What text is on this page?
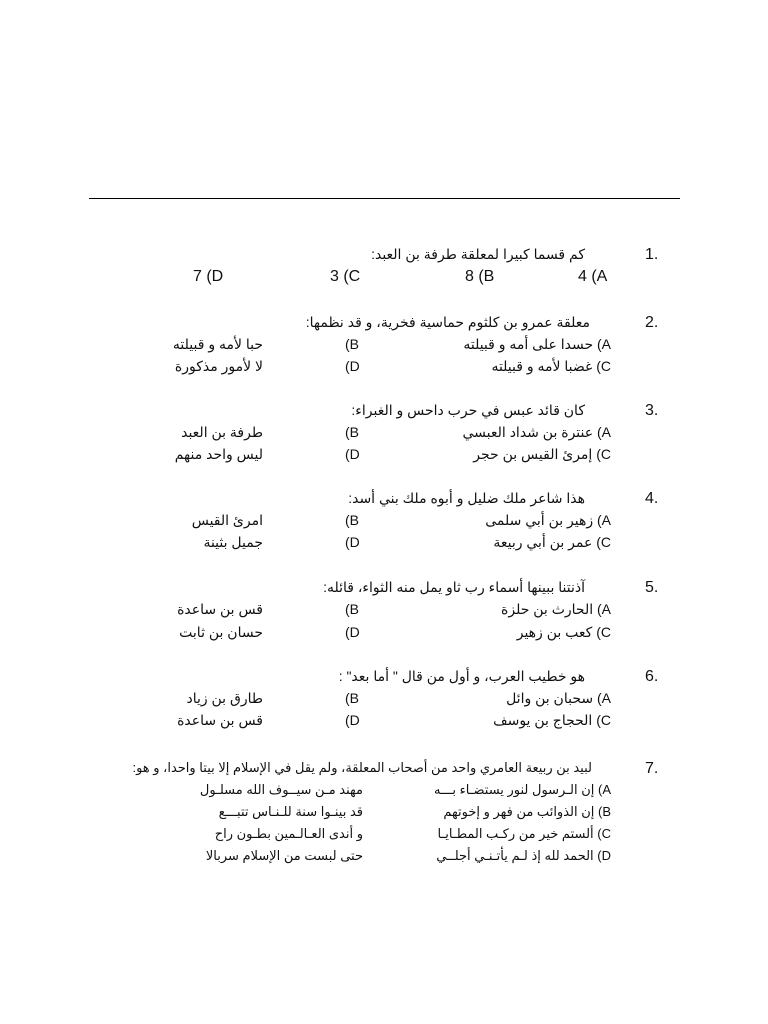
1.
كم قسما كبيرا لمعلقة طرفة بن العبد:
4 (A
8 (B
3 (C
7 (D
2.
معلقة عمرو بن كلثوم حماسية فخرية، و قد نظمها:
A) حسدا على أمه و قبيلته
(B
حبا لأمه و قبيلته
C) غضبا لأمه و قبيلته
(D
لا لأمور مذكورة
3.
كان قائد عبس في حرب داحس و الغبراء:
A) عنترة بن شداد العبسي
(B
طرفة بن العبد
C) إمرئ القيس بن حجر
(D
ليس واحد منهم
4.
هذا شاعر ملك ضليل و أبوه ملك بني أسد:
A) زهير بن أبي سلمى
(B
امرئ القيس
C) عمر بن أبي ربيعة
(D
جميل بثينة
5.
آذنتنا ببينها أسماء رب ثاو يمل منه الثواء، قائله:
A) الحارث بن حلزة
(B
قس بن ساعدة
C) كعب بن زهير
(D
حسان بن ثابت
6.
هو خطيب العرب، و أول من قال " أما بعد" :
A) سحبان بن وائل
(B
طارق بن زياد
C) الحجاج بن يوسف
(D
قس بن ساعدة
7.
لبيد بن ربيعة العامري واحد من أصحاب المعلقة، ولم يقل في الإسلام إلا بيتا واحدا، و هو:
A) إن الـرسول لنور يستضـاء بـــه
مهند مـن سيــوف الله مسلـول
B) إن الذوائب من فهر و إخوتهم
قد بينـوا سنة للـنـاس تتبـــع
C) ألستم خير من ركـب المطـايـا
و أندى العـالـمين بطـون راح
D) الحمد لله إذ لـم يأتـنـي أجلــي
حتى لبست من الإسلام سربالا
